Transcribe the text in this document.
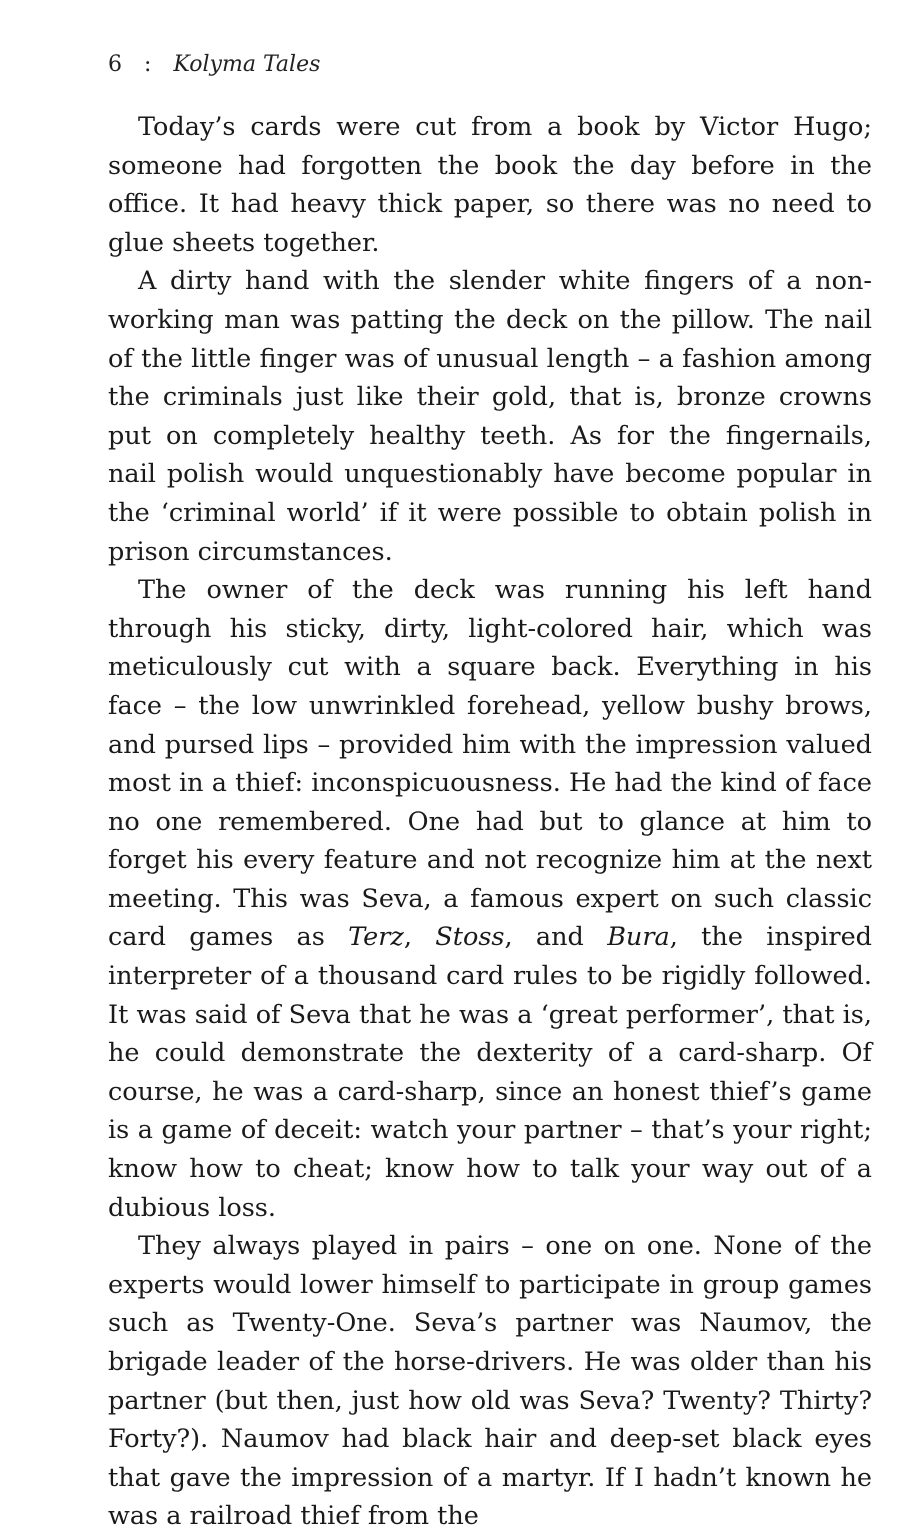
6 : Kolyma Tales

Today’s cards were cut from a book by Victor Hugo; someone had forgotten the book the day before in the office. It had heavy thick paper, so there was no need to glue sheets together.

A dirty hand with the slender white fingers of a non-working man was patting the deck on the pillow. The nail of the little finger was of unusual length – a fashion among the criminals just like their gold, that is, bronze crowns put on completely healthy teeth. As for the fingernails, nail polish would unquestionably have become popular in the ‘criminal world’ if it were possible to obtain polish in prison circumstances.

The owner of the deck was running his left hand through his sticky, dirty, light-colored hair, which was meticulously cut with a square back. Everything in his face – the low unwrinkled forehead, yellow bushy brows, and pursed lips – provided him with the impression valued most in a thief: inconspicuousness. He had the kind of face no one remembered. One had but to glance at him to forget his every feature and not recognize him at the next meeting. This was Seva, a famous expert on such classic card games as Terz, Stoss, and Bura, the inspired interpreter of a thousand card rules to be rigidly followed. It was said of Seva that he was a ‘great performer’, that is, he could demonstrate the dexterity of a card-sharp. Of course, he was a card-sharp, since an honest thief’s game is a game of deceit: watch your partner – that’s your right; know how to cheat; know how to talk your way out of a dubious loss.

They always played in pairs – one on one. None of the experts would lower himself to participate in group games such as Twenty-One. Seva’s partner was Naumov, the brigade leader of the horse-drivers. He was older than his partner (but then, just how old was Seva? Twenty? Thirty? Forty?). Naumov had black hair and deep-set black eyes that gave the impression of a martyr. If I hadn’t known he was a railroad thief from the
